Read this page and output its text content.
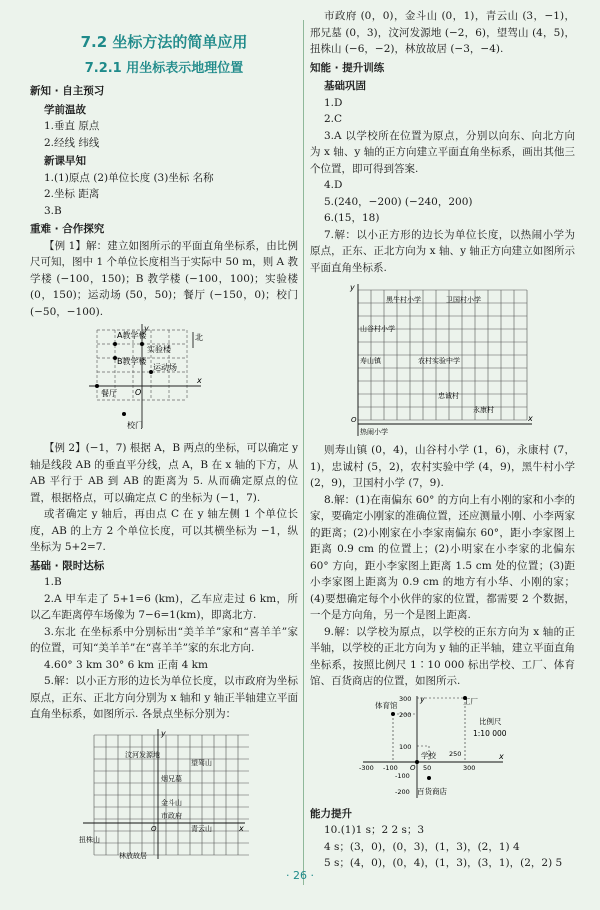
7.2 坐标方法的简单应用
7.2.1 用坐标表示地理位置
新知 · 自主预习
学前温故

1.垂直 原点

2.经线 纬线

新课早知

1.(1)原点 (2)单位长度 (3)坐标 名称

2.坐标 距离

3.B

重难 · 合作探究

【例 1】解：建立如图所示的平面直角坐标系，由比例尺可知，图中 1 个单位长度相当于实际中 50 m，则 A 教学楼 (−100，150)；B 教学楼 (−100，100)；实验楼 (0，150)；运动场 (50，50)；餐厅 (−150，0)；校门 (−50，−100).

A教学楼
实验楼
B教学楼
运动场
餐厅
校门
北
O
x
y

【例 2】(−1，7) 根据 A，B 两点的坐标，可以确定 y 轴是线段 AB 的垂直平分线，点 A，B 在 x 轴的下方，从 AB 平行于 AB 到 AB 的距离为 5. 从而确定原点的位置，根据格点，可以确定点 C 的坐标为 (−1，7).

或者确定 y 轴后，再由点 C 在 y 轴左侧 1 个单位长度，AB 的上方 2 个单位长度，可以其横坐标为 −1，纵坐标为 5+2=7.

基础 · 限时达标

1.B

2.A 甲车走了 5+1=6 (km)，乙车应走过 6 km，所以乙车距离停车场像为 7−6=1(km)，即离北方.

3.东北 在坐标系中分别标出“美羊羊”家和“喜羊羊”家的位置，可知“美羊羊”在“喜羊羊”家的东北方向.

4.60° 3 km 30° 6 km 正南 4 km

5.解：以小正方形的边长为单位长度，以市政府为坐标原点，正东、正北方向分别为 x 轴和 y 轴正半轴建立平面直角坐标系，如图所示. 各景点坐标分别为：

汶河发源地
望驾山
烟兄墓
金斗山
市政府
青云山
扭株山
林放故居
O	x
y

市政府 (0，0)，金斗山 (0，1)，青云山 (3，−1)，邢兄墓 (0，3)，汶河发源地 (−2，6)，望驾山 (4，5)，扭株山 (−6，−2)，林放故居 (−3，−4).

知能 · 提升训练
基础巩固

1.D

2.C

3.A 以学校所在位置为原点，分别以向东、向北方向为 x 轴、y 轴的正方向建立平面直角坐标系，画出其他三个位置，即可得到答案.

4.D

5.(240，−200) (−240，200)

6.(15，18)

7.解：以小正方形的边长为单位长度，以热闹小学为原点，正东、正北方向为 x 轴、y 轴正方向建立如图所示平面直角坐标系.

黑牛村小学	卫国村小学
山谷村小学
寿山镇	农村实验中学
忠诚村
永康村
热闹小学
O	x
y

则寿山镇 (0，4)，山谷村小学 (1，6)，永康村 (7，1)，忠诚村 (5，2)，农村实验中学 (4，9)，黑牛村小学 (2，9)，卫国村小学 (7，9).

8.解：(1)在南偏东 60° 的方向上有小刚的家和小李的家，要确定小刚家的准确位置，还应测量小刚、小李两家的距离；(2)小刚家在小李家南偏东 60°，距小李家图上距离 0.9 cm 的位置上；(2)小明家在小李家的北偏东 60° 方向，距小李家图上距离 1.5 cm 处的位置；(3)距小李家图上距离为 0.9 cm 的地方有小华、小刚的家；(4)要想确定每个小伙伴的家的位置，都需要 2 个数据，一个是方向角，另一个是图上距离.

9.解：以学校为原点，以学校的正东方向为 x 轴的正半轴，以学校的正北方向为 y 轴的正半轴，建立平面直角坐标系，按照比例尺 1∶10 000 标出学校、工厂、体育馆、百货商店的位置，如图所示.

体育馆	工厂
学校
百货商店
比例尺
1:10 000
300
200
100
-100
-200
-300 -100	50
250
300
O
x
y
能力提升

10.(1)1 s；2 2 s；3

4 s；(3，0)，(0，3)，(1，3)，(2，1) 4

5 s；(4，0)，(0，4)，(1，3)，(3，1)，(2，2) 5

· 26 ·
